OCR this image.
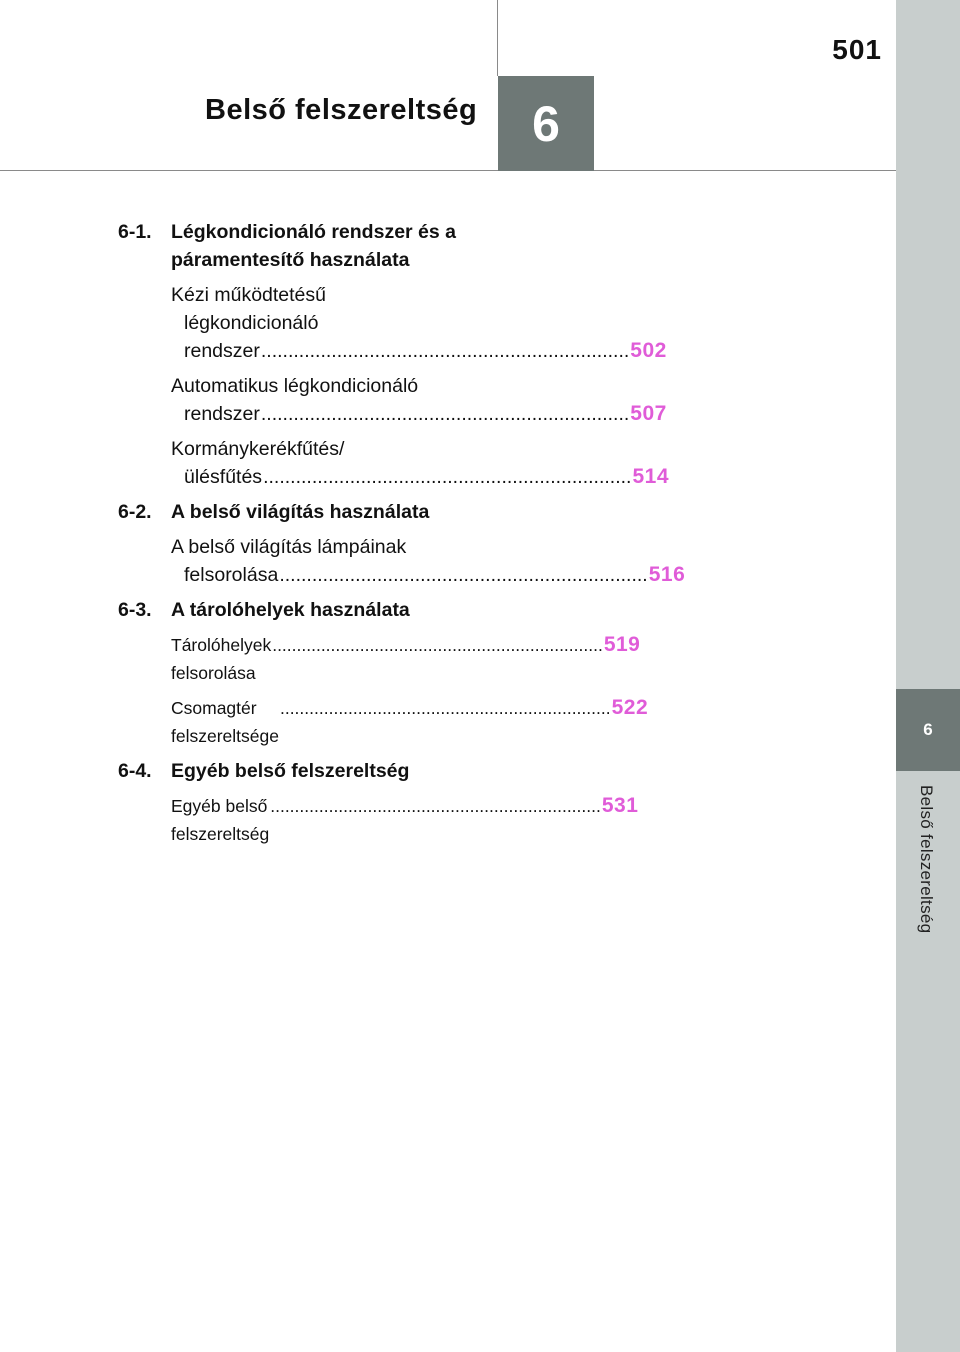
501
Belső felszereltség	6
6
Belső felszereltség
6-1. Légkondicionáló rendszer és a páramentesítő használata
Kézi működtetésű
légkondicionáló
rendszer .................................................................... 502
Automatikus légkondicionáló
rendszer .................................................................... 507
Kormánykerékfűtés/
ülésfűtés .................................................................... 514
6-2. A belső világítás használata
A belső világítás lámpáinak
felsorolása .................................................................... 516
6-3. A tárolóhelyek használata
Tárolóhelyek felsorolása
.................................................................... 519
Csomagtér felszereltsége
.................................................................... 522
6-4. Egyéb belső felszereltség
Egyéb belső felszereltség
.................................................................... 531
